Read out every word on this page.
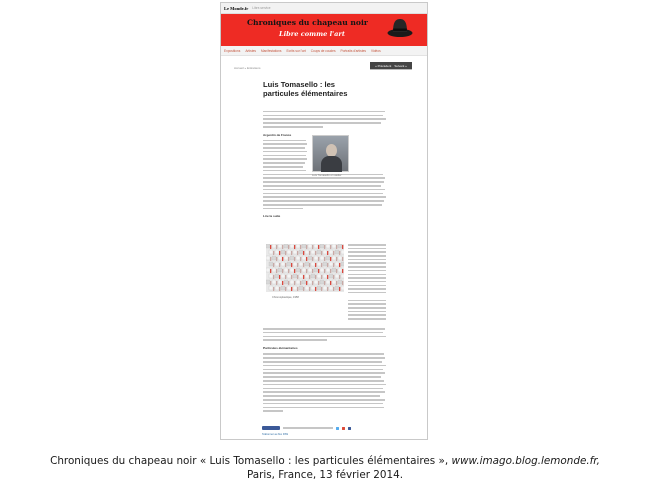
Le Monde.fr Libre-service
Chroniques du chapeau noir
Libre comme l'art
Expositions Artistes Manifestations Ecrits sur l'art Coups de coudes Portraits d'artistes Vidéos
Accueil » Entretiens
« Précédent Suivant »
Luis Tomasello : les particules élémentaires
Argentin de France
Lire la suite
Luis Tomasello en atelier
Chromoplastique, 1958
Particules élémentaires
S'abonner au flux RSS
Chroniques du chapeau noir « Luis Tomasello : les particules élémentaires », www.imago.blog.lemonde.fr,
Paris, France, 13 février 2014.
